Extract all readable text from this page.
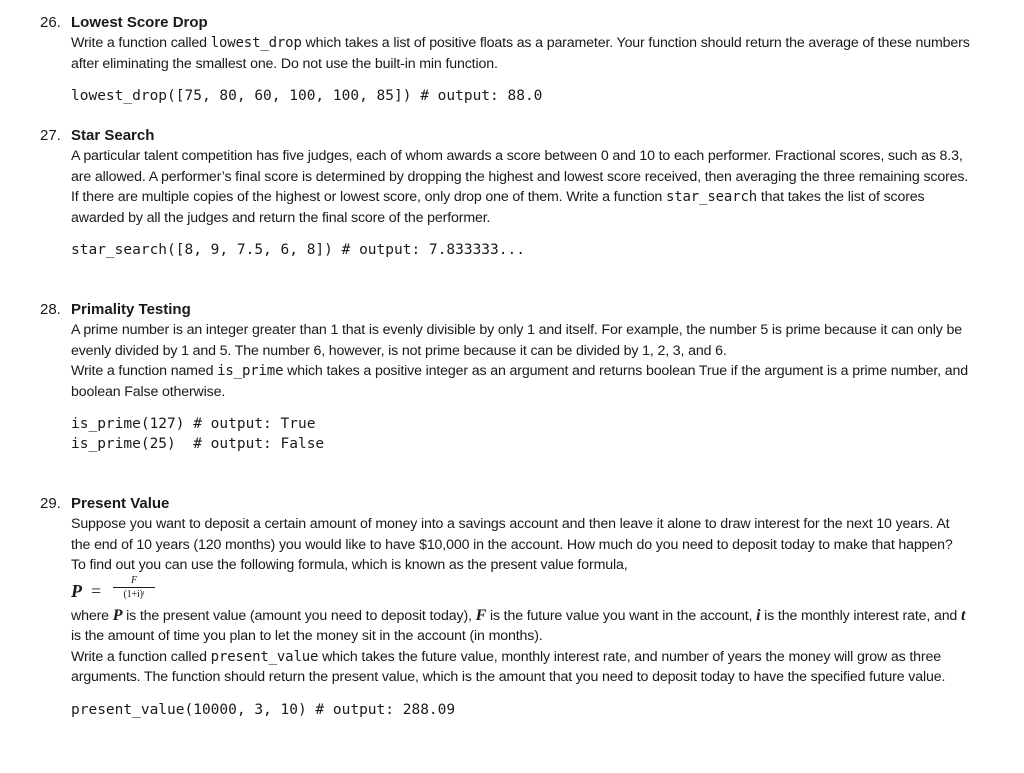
26. Lowest Score Drop

Write a function called lowest_drop which takes a list of positive floats as a parameter. Your function should return the average of these numbers after eliminating the smallest one. Do not use the built-in min function.

lowest_drop([75, 80, 60, 100, 100, 85]) # output: 88.0
27. Star Search

A particular talent competition has five judges, each of whom awards a score between 0 and 10 to each performer. Fractional scores, such as 8.3, are allowed. A performer’s final score is determined by dropping the highest and lowest score received, then averaging the three remaining scores. If there are multiple copies of the highest or lowest score, only drop one of them. Write a function star_search that takes the list of scores awarded by all the judges and return the final score of the performer.

star_search([8, 9, 7.5, 6, 8]) # output: 7.833333...
28. Primality Testing

A prime number is an integer greater than 1 that is evenly divisible by only 1 and itself. For example, the number 5 is prime because it can only be evenly divided by 1 and 5. The number 6, however, is not prime because it can be divided by 1, 2, 3, and 6.

Write a function named is_prime which takes a positive integer as an argument and returns boolean True if the argument is a prime number, and boolean False otherwise.

is_prime(127) # output: True
is_prime(25)  # output: False
29. Present Value

Suppose you want to deposit a certain amount of money into a savings account and then leave it alone to draw interest for the next 10 years. At the end of 10 years (120 months) you would like to have $10,000 in the account. How much do you need to deposit today to make that happen? To find out you can use the following formula, which is known as the present value formula,

$P = \frac{F}{\text{(1+i)ᵗ}}$

where P is the present value (amount you need to deposit today), F is the future value you want in the account, i is the monthly interest rate, and t is the amount of time you plan to let the money sit in the account (in months).

Write a function called present_value which takes the future value, monthly interest rate, and number of years the money will grow as three arguments. The function should return the present value, which is the amount that you need to deposit today to have the specified future value.

present_value(10000, 3, 10) # output: 288.09
